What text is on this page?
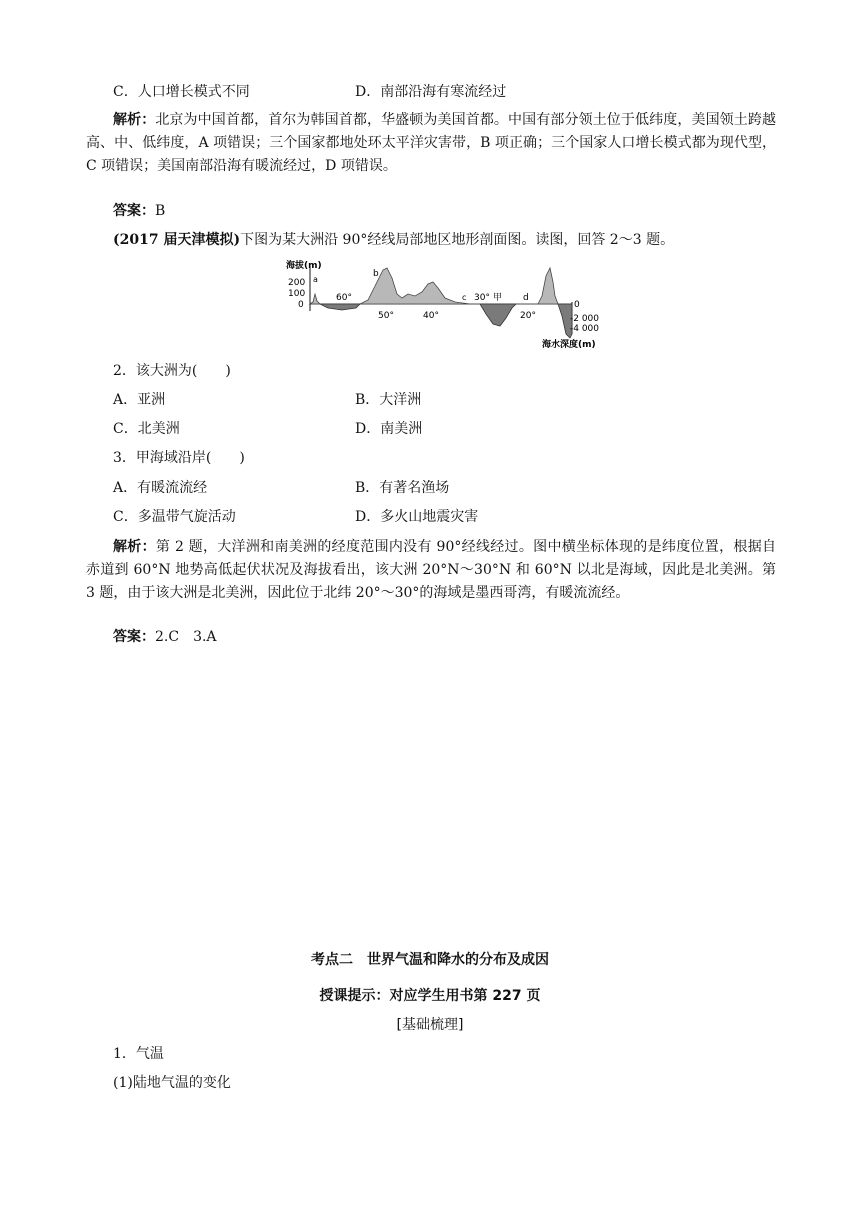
C．人口增长模式不同	D．南部沿海有寒流经过
解析：北京为中国首都，首尔为韩国首都，华盛顿为美国首都。中国有部分领土位于低纬度，美国领土跨越高、中、低纬度，A 项错误；三个国家都地处环太平洋灾害带，B 项正确；三个国家人口增长模式都为现代型，C 项错误；美国南部沿海有暖流经过，D 项错误。
答案：B
(2017 届天津模拟)下图为某大洲沿 90°经线局部地区地形剖面图。读图，回答 2～3 题。
海拔(m)
200
100
0
60°
50°	40°
30°
20°
a
b
c	甲 d
0
-2 000
-4 000
海水深度(m)
2．该大洲为(　　)
A．亚洲	B．大洋洲
C．北美洲	D．南美洲
3．甲海域沿岸(　　)
A．有暖流流经	B．有著名渔场
C．多温带气旋活动	D．多火山地震灾害
解析：第 2 题，大洋洲和南美洲的经度范围内没有 90°经线经过。图中横坐标体现的是纬度位置，根据自赤道到 60°N 地势高低起伏状况及海拔看出，该大洲 20°N～30°N 和 60°N 以北是海域，因此是北美洲。第 3 题，由于该大洲是北美洲，因此位于北纬 20°～30°的海域是墨西哥湾，有暖流流经。
答案：2.C　3.A
考点二　世界气温和降水的分布及成因
授课提示：对应学生用书第 227 页
[基础梳理]
1．气温
(1)陆地气温的变化
